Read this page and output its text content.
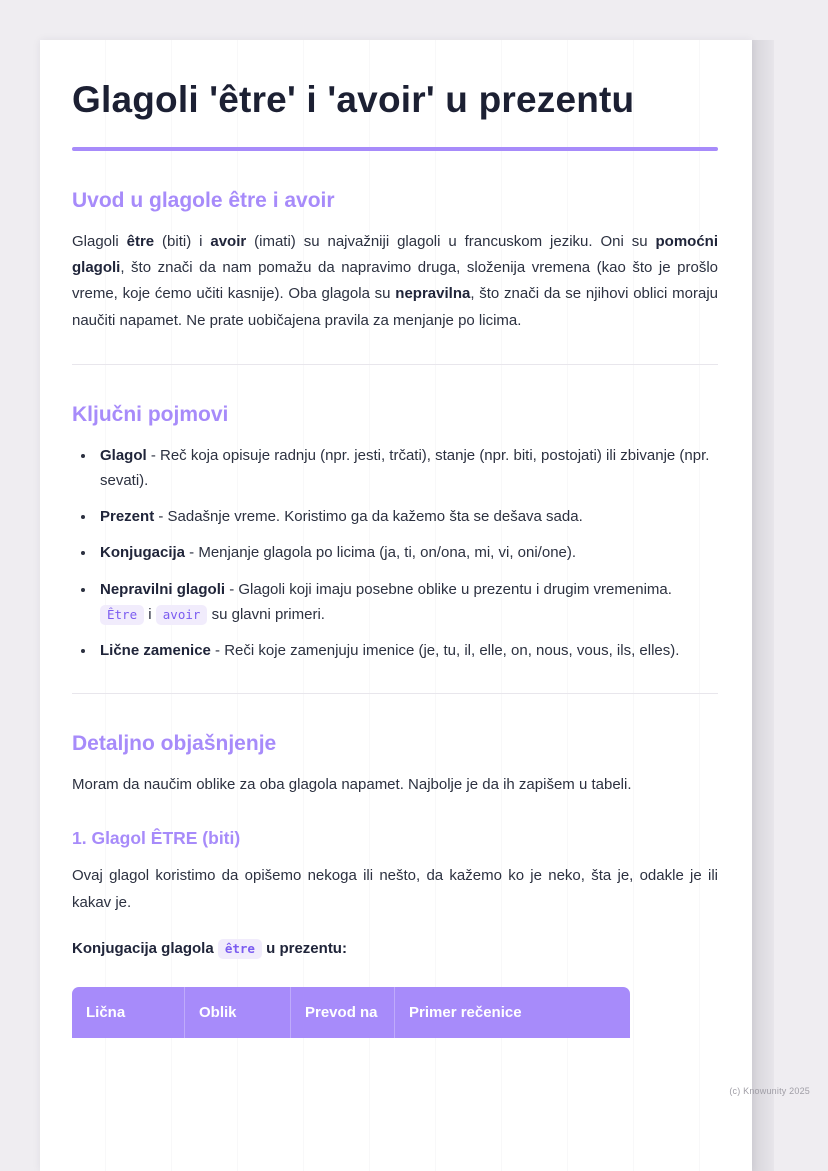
Glagoli 'être' i 'avoir' u prezentu
Uvod u glagole être i avoir

Glagoli être (biti) i avoir (imati) su najvažniji glagoli u francuskom jeziku. Oni su pomoćni glagoli, što znači da nam pomažu da napravimo druga, složenija vremena (kao što je prošlo vreme, koje ćemo učiti kasnije). Oba glagola su nepravilna, što znači da se njihovi oblici moraju naučiti napamet. Ne prate uobičajena pravila za menjanje po licima.

Ključni pojmovi
• Glagol - Reč koja opisuje radnju (npr. jesti, trčati), stanje (npr. biti, postojati) ili zbivanje (npr. sevati).
• Prezent - Sadašnje vreme. Koristimo ga da kažemo šta se dešava sada.
• Konjugacija - Menjanje glagola po licima (ja, ti, on/ona, mi, vi, oni/one).
• Nepravilni glagoli - Glagoli koji imaju posebne oblike u prezentu i drugim vremenima. Être i avoir su glavni primeri.
• Lične zamenice - Reči koje zamenjuju imenice (je, tu, il, elle, on, nous, vous, ils, elles).
Detaljno objašnjenje

Moram da naučim oblike za oba glagola napamet. Najbolje je da ih zapišem u tabeli.

1. Glagol ÊTRE (biti)

Ovaj glagol koristimo da opišemo nekoga ili nešto, da kažemo ko je neko, šta je, odakle je ili kakav je.

Konjugacija glagola être u prezentu:

Lična	Oblik	Prevod na	Primer rečenice
(c) Knowunity 2025
